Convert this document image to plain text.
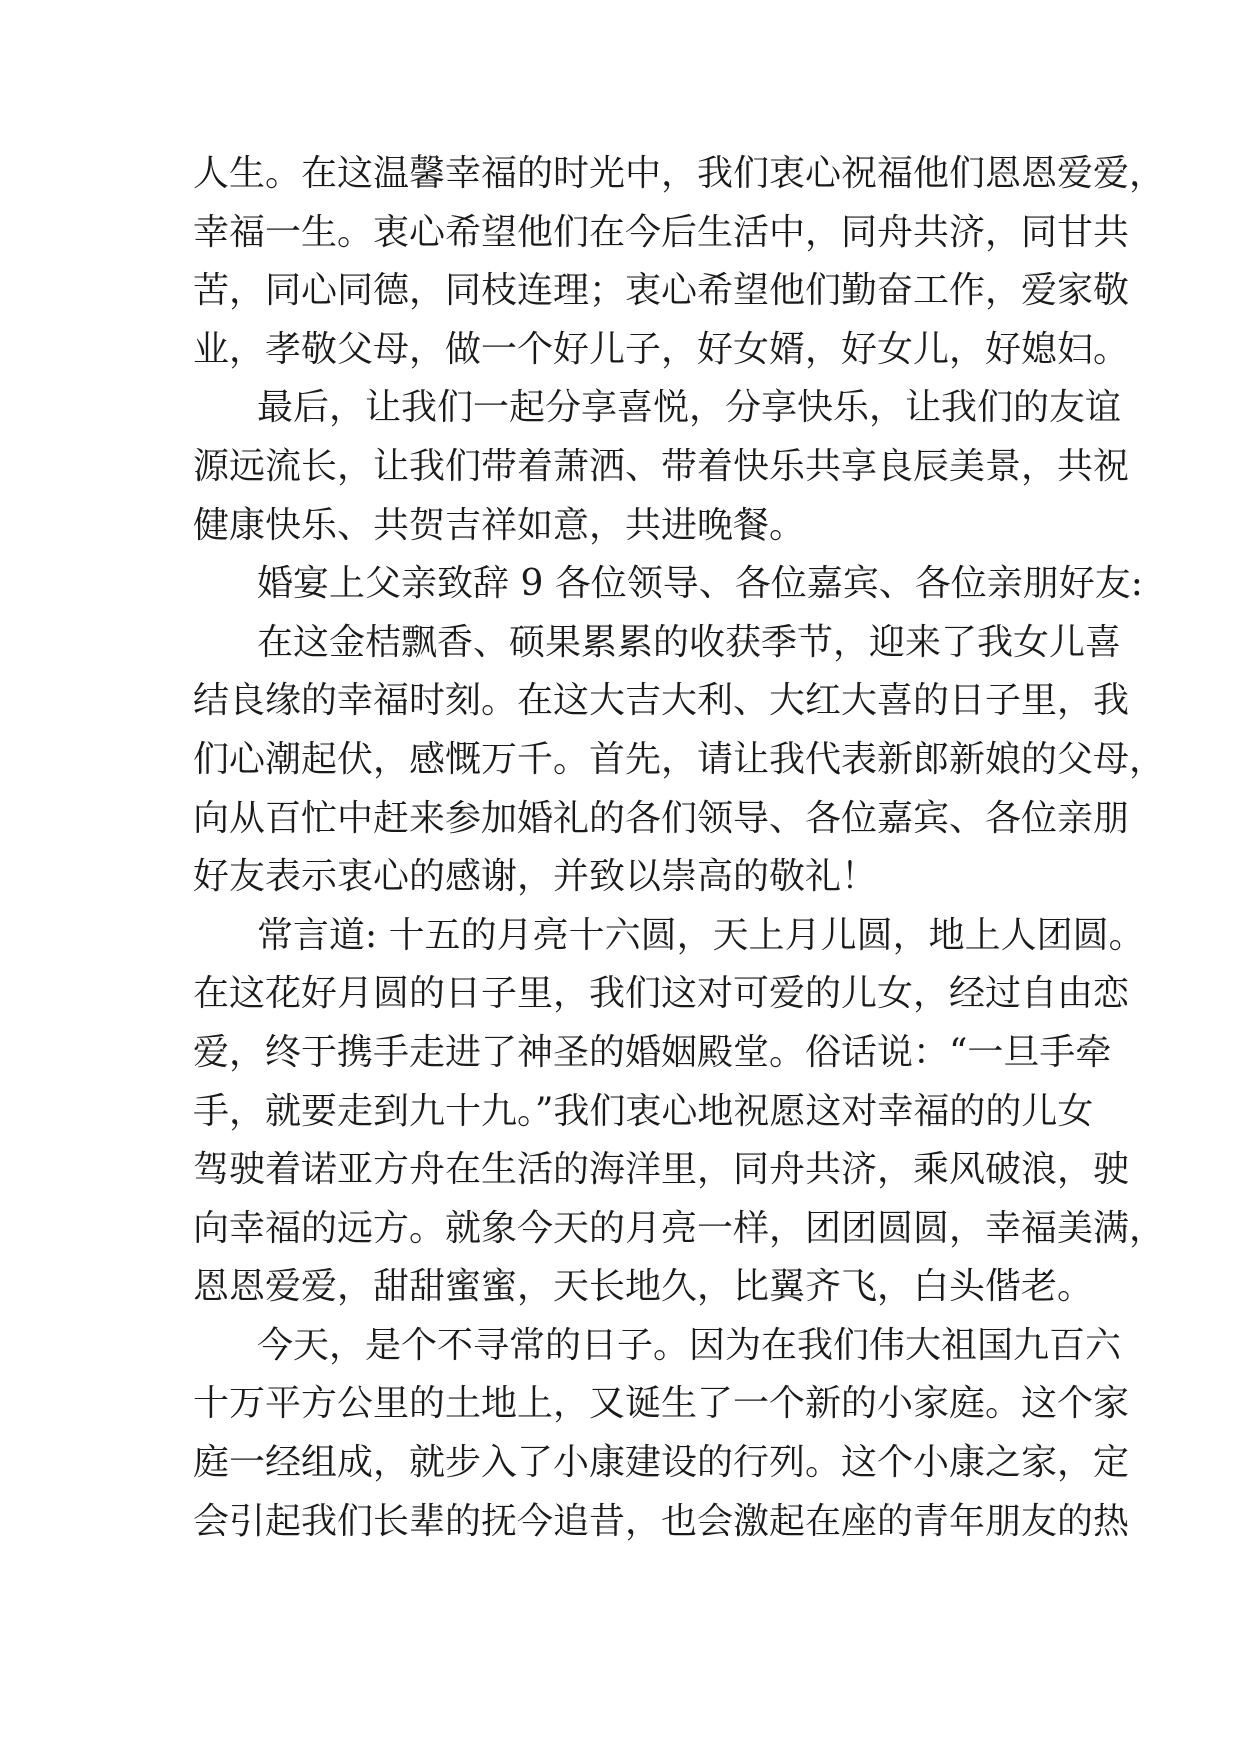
人生。在这温馨幸福的时光中，我们衷心祝福他们恩恩爱爱，
幸福一生。衷心希望他们在今后生活中，同舟共济，同甘共
苦，同心同德，同枝连理；衷心希望他们勤奋工作，爱家敬
业，孝敬父母，做一个好儿子，好女婿，好女儿，好媳妇。
最后，让我们一起分享喜悦，分享快乐，让我们的友谊
源远流长，让我们带着萧洒、带着快乐共享良辰美景，共祝
健康快乐、共贺吉祥如意，共进晚餐。
婚宴上父亲致辞 9 各位领导、各位嘉宾、各位亲朋好友:
在这金桔飘香、硕果累累的收获季节，迎来了我女儿喜
结良缘的幸福时刻。在这大吉大利、大红大喜的日子里，我
们心潮起伏，感慨万千。首先，请让我代表新郎新娘的父母，
向从百忙中赶来参加婚礼的各们领导、各位嘉宾、各位亲朋
好友表示衷心的感谢，并致以崇高的敬礼！
常言道: 十五的月亮十六圆，天上月儿圆，地上人团圆。
在这花好月圆的日子里，我们这对可爱的儿女，经过自由恋
爱，终于携手走进了神圣的婚姻殿堂。俗话说：“一旦手牵
手，就要走到九十九。”我们衷心地祝愿这对幸福的的儿女
驾驶着诺亚方舟在生活的海洋里，同舟共济，乘风破浪，驶
向幸福的远方。就象今天的月亮一样，团团圆圆，幸福美满，
恩恩爱爱，甜甜蜜蜜，天长地久，比翼齐飞，白头偕老。
今天，是个不寻常的日子。因为在我们伟大祖国九百六
十万平方公里的土地上，又诞生了一个新的小家庭。这个家
庭一经组成，就步入了小康建设的行列。这个小康之家，定
会引起我们长辈的抚今追昔，也会激起在座的青年朋友的热
